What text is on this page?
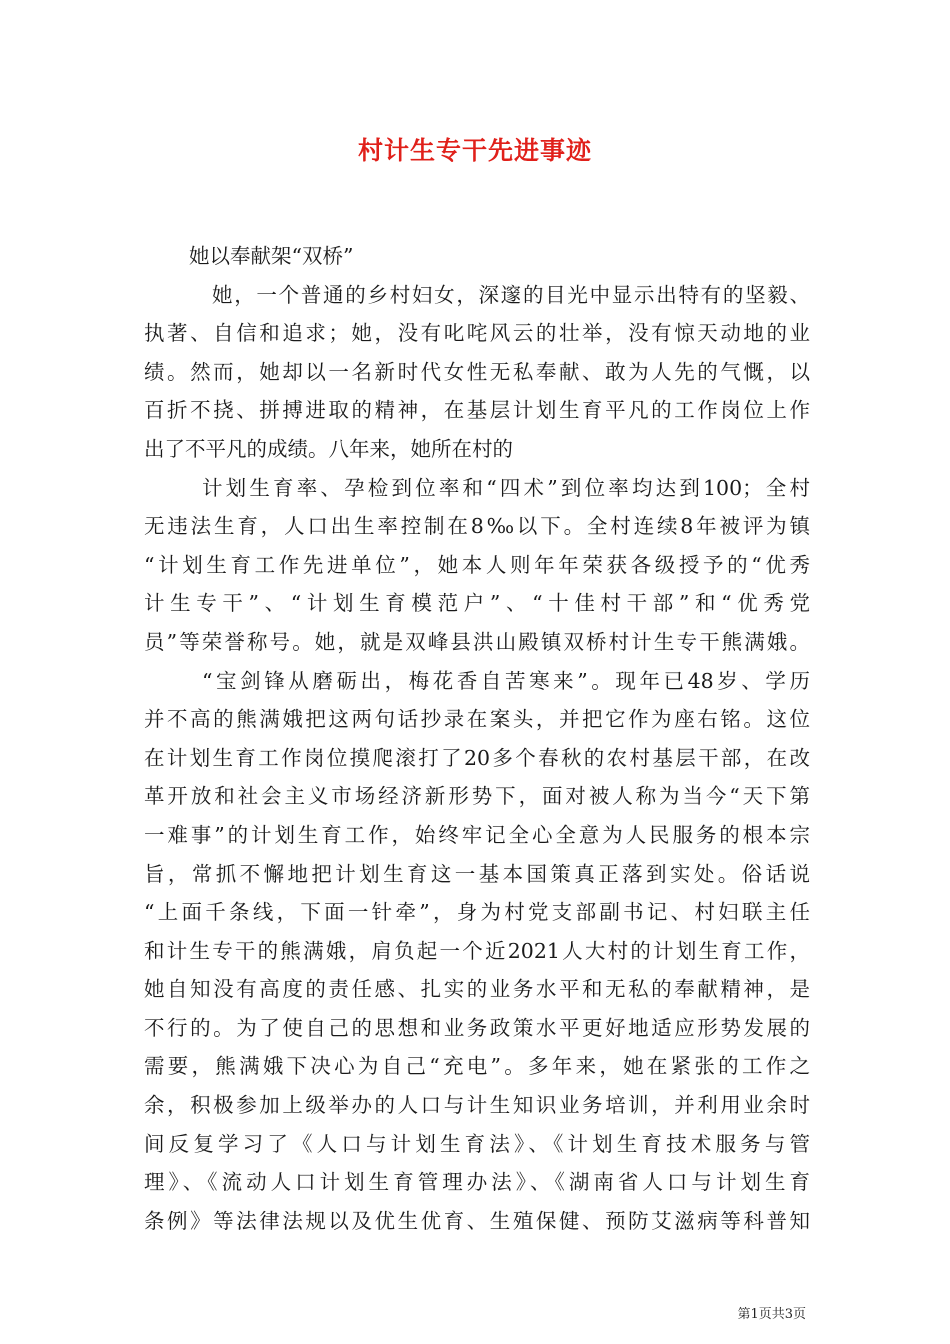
村计生专干先进事迹
她以奉献架“双桥”
她，一个普通的乡村妇女，深邃的目光中显示出特有的坚毅、
执著、自信和追求；她，没有叱咤风云的壮举，没有惊天动地的业
绩。然而，她却以一名新时代女性无私奉献、敢为人先的气慨，以
百折不挠、拼搏进取的精神，在基层计划生育平凡的工作岗位上作
出了不平凡的成绩。八年来，她所在村的
计划生育率、孕检到位率和“四术”到位率均达到100；全村
无违法生育，人口出生率控制在8‰以下。全村连续8年被评为镇
“计划生育工作先进单位”，她本人则年年荣获各级授予的“优秀
计生专干”、“计划生育模范户”、“十佳村干部”和“优秀党
员”等荣誉称号。她，就是双峰县洪山殿镇双桥村计生专干熊满娥。
“宝剑锋从磨砺出，梅花香自苦寒来”。现年已48岁、学历
并不高的熊满娥把这两句话抄录在案头，并把它作为座右铭。这位
在计划生育工作岗位摸爬滚打了20多个春秋的农村基层干部，在改
革开放和社会主义市场经济新形势下，面对被人称为当今“天下第
一难事”的计划生育工作，始终牢记全心全意为人民服务的根本宗
旨，常抓不懈地把计划生育这一基本国策真正落到实处。俗话说
“上面千条线，下面一针牵”，身为村党支部副书记、村妇联主任
和计生专干的熊满娥，肩负起一个近2021人大村的计划生育工作，
她自知没有高度的责任感、扎实的业务水平和无私的奉献精神，是
不行的。为了使自己的思想和业务政策水平更好地适应形势发展的
需要，熊满娥下决心为自己“充电”。多年来，她在紧张的工作之
余，积极参加上级举办的人口与计生知识业务培训，并利用业余时
间反复学习了《人口与计划生育法》、《计划生育技术服务与管
理》、《流动人口计划生育管理办法》、《湖南省人口与计划生育
条例》等法律法规以及优生优育、生殖保健、预防艾滋病等科普知
第1页共3页
